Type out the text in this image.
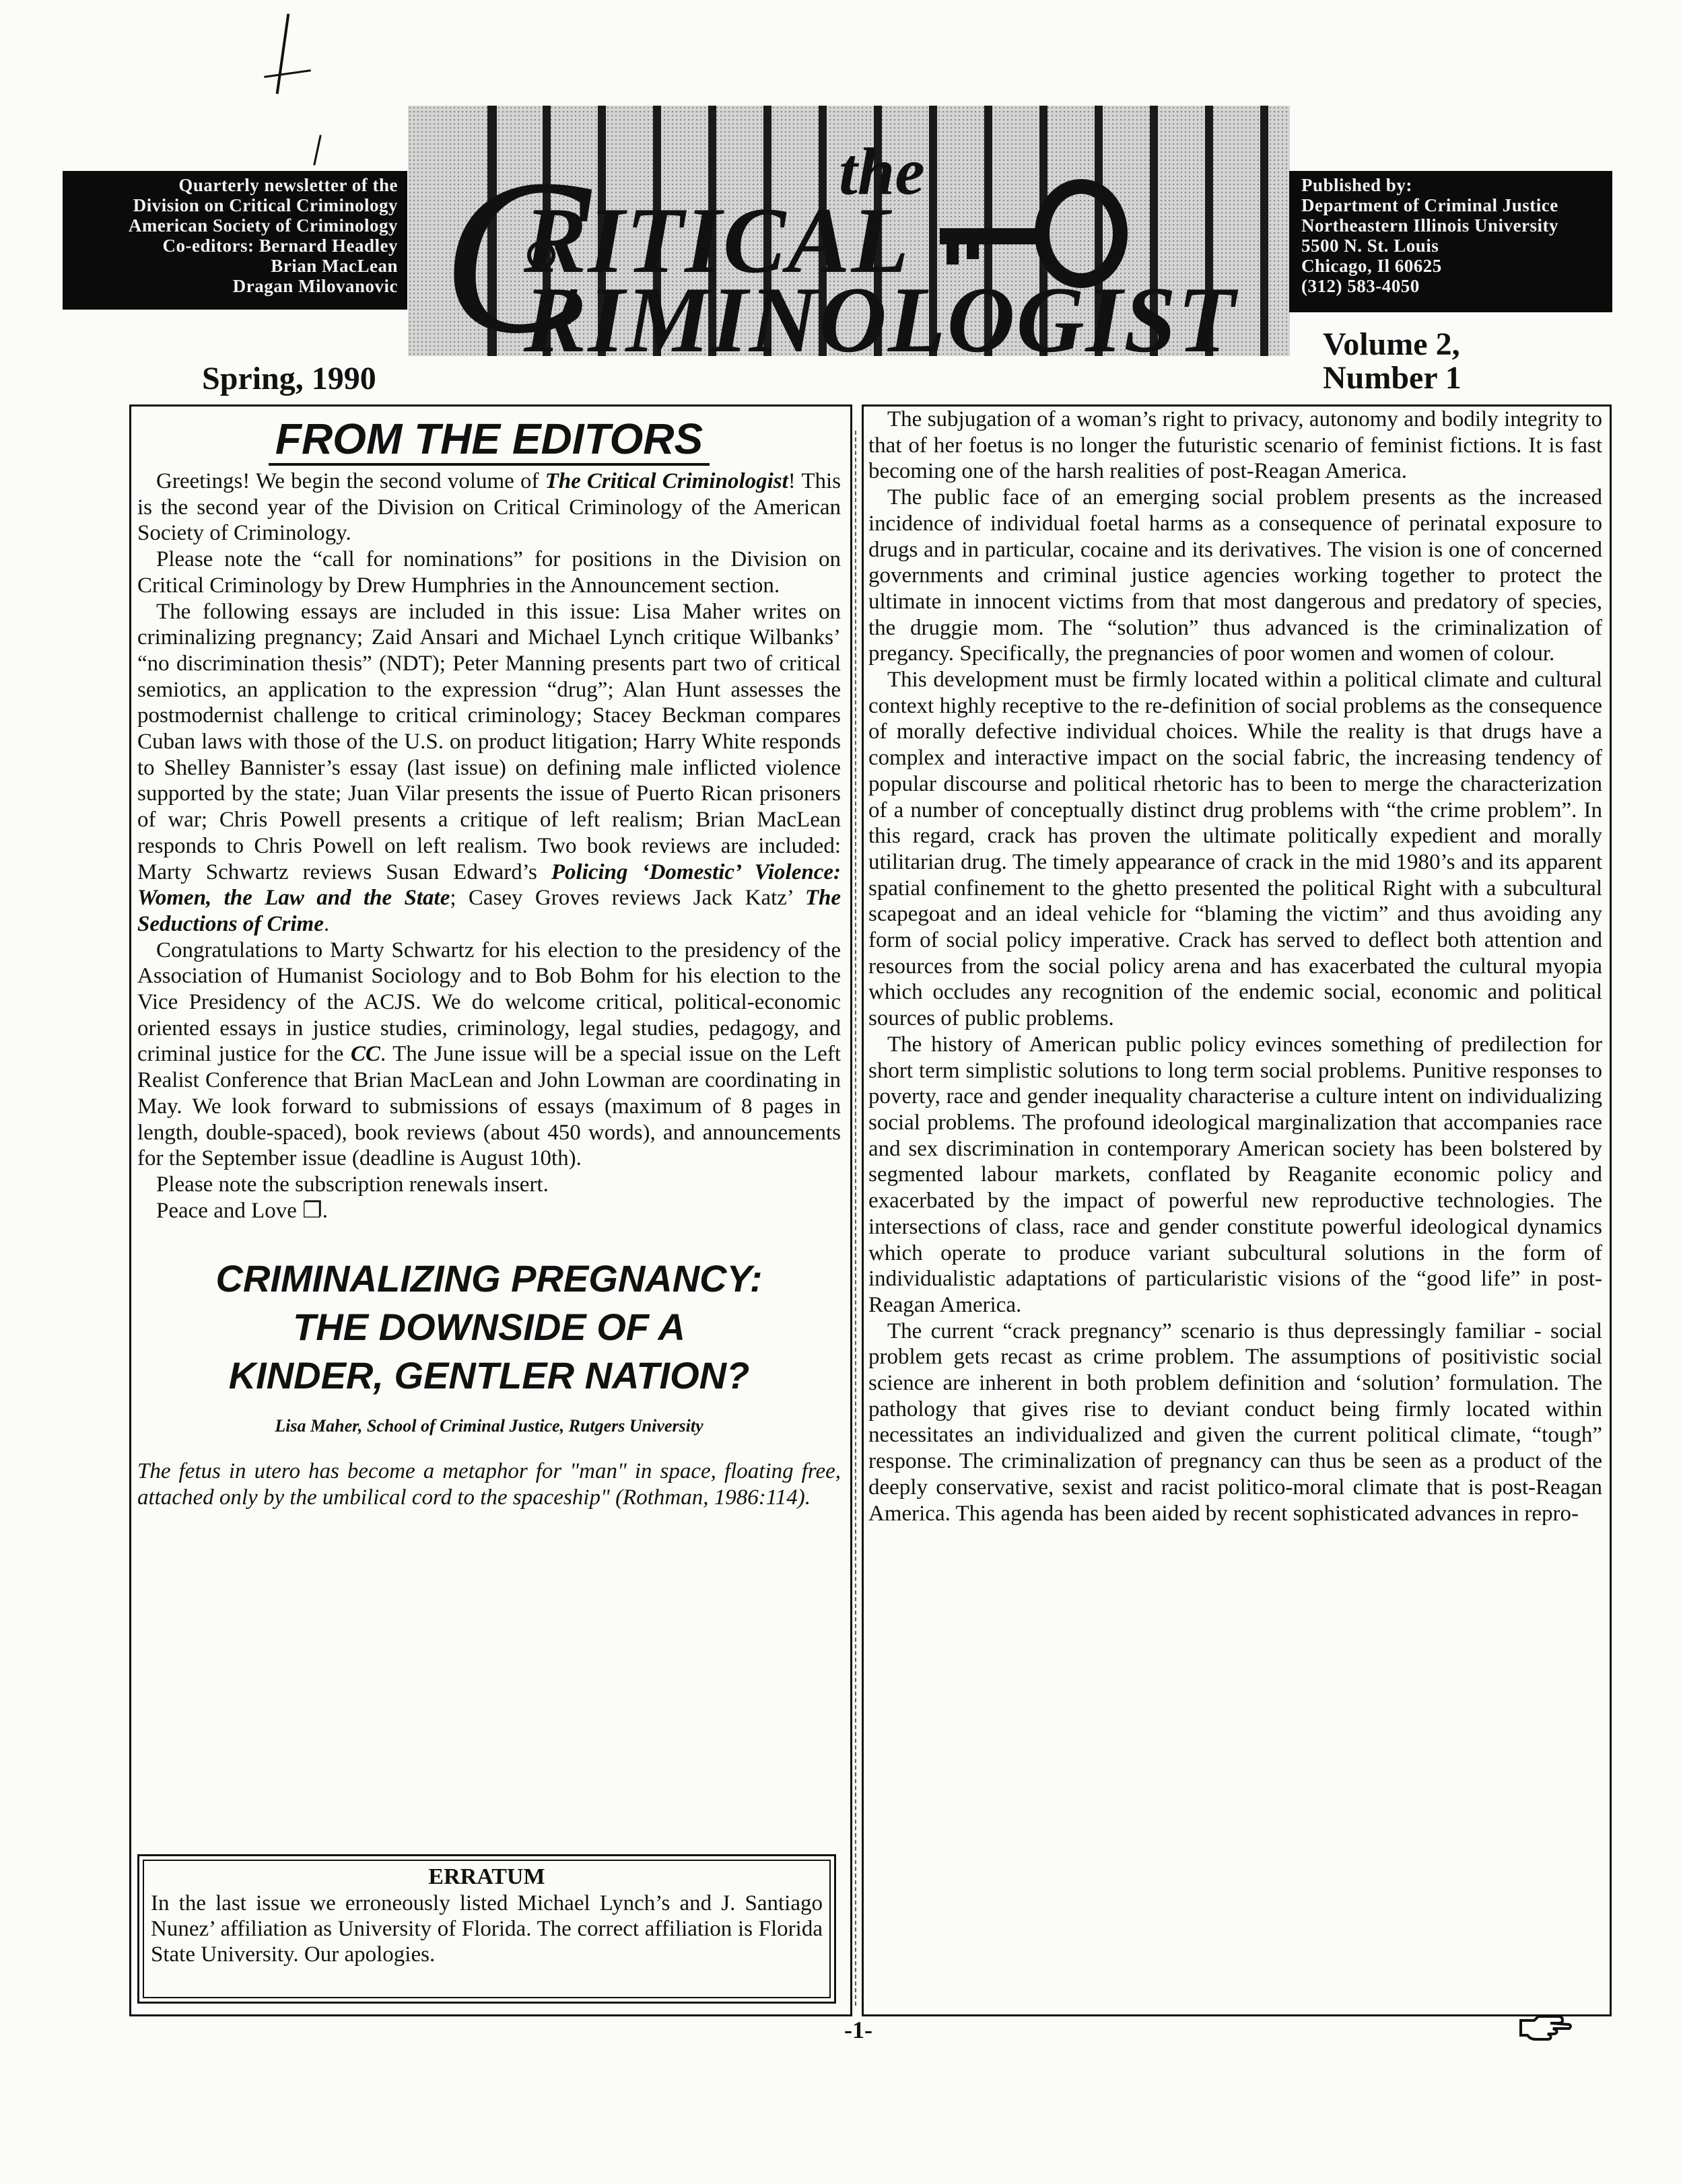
Quarterly newsletter of the
Division on Critical Criminology
American Society of Criminology
Co-editors: Bernard Headley
Brian MacLean
Dragan Milovanovic C	the
RITICAL
RIMINOLOGIST
Published by:
Department of Criminal Justice
Northeastern Illinois University
5500 N. St. Louis
Chicago, Il 60625
(312) 583-4050
Spring, 1990
Volume 2,
Number 1
FROM THE EDITORS

Greetings! We begin the second volume of The Critical Criminologist! This is the second year of the Division on Critical Criminology of the American Society of Criminology.

Please note the “call for nominations” for positions in the Division on Critical Criminology by Drew Humphries in the Announcement section.

The following essays are included in this issue: Lisa Maher writes on criminalizing pregnancy; Zaid Ansari and Michael Lynch critique Wilbanks’ “no discrimination thesis” (NDT); Peter Manning presents part two of critical semiotics, an application to the expression “drug”; Alan Hunt assesses the postmodernist challenge to critical criminology; Stacey Beckman compares Cuban laws with those of the U.S. on product litigation; Harry White responds to Shelley Bannister’s essay (last issue) on defining male inflicted violence supported by the state; Juan Vilar presents the issue of Puerto Rican prisoners of war; Chris Powell presents a critique of left realism; Brian MacLean responds to Chris Powell on left realism. Two book reviews are included: Marty Schwartz reviews Susan Edward’s Policing ‘Domestic’ Violence: Women, the Law and the State; Casey Groves reviews Jack Katz’ The Seductions of Crime.

Congratulations to Marty Schwartz for his election to the presidency of the Association of Humanist Sociology and to Bob Bohm for his election to the Vice Presidency of the ACJS. We do welcome critical, political-economic oriented essays in justice studies, criminology, legal studies, pedagogy, and criminal justice for the CC. The June issue will be a special issue on the Left Realist Conference that Brian MacLean and John Lowman are coordinating in May. We look forward to submissions of essays (maximum of 8 pages in length, double-spaced), book reviews (about 450 words), and announcements for the September issue (deadline is August 10th).

Please note the subscription renewals insert.

Peace and Love ❐.

CRIMINALIZING PREGNANCY:
THE DOWNSIDE OF A
KINDER, GENTLER NATION?
Lisa Maher, School of Criminal Justice, Rutgers University

The fetus in utero has become a metaphor for "man" in space, floating free, attached only by the umbilical cord to the spaceship" (Rothman, 1986:114).

ERRATUM
In the last issue we erroneously listed Michael Lynch’s and J. Santiago Nunez’ affiliation as University of Florida. The correct affiliation is Florida State University. Our apologies.

The subjugation of a woman’s right to privacy, autonomy and bodily integrity to that of her foetus is no longer the futuristic scenario of feminist fictions. It is fast becoming one of the harsh realities of post-Reagan America.

The public face of an emerging social problem presents as the increased incidence of individual foetal harms as a consequence of perinatal exposure to drugs and in particular, cocaine and its derivatives. The vision is one of concerned governments and criminal justice agencies working together to protect the ultimate in innocent victims from that most dangerous and predatory of species, the druggie mom. The “solution” thus advanced is the criminalization of pregancy. Specifically, the pregnancies of poor women and women of colour.

This development must be firmly located within a political climate and cultural context highly receptive to the re-definition of social problems as the consequence of morally defective individual choices. While the reality is that drugs have a complex and interactive impact on the social fabric, the increasing tendency of popular discourse and political rhetoric has to been to merge the characterization of a number of conceptually distinct drug problems with “the crime problem”. In this regard, crack has proven the ultimate politically expedient and morally utilitarian drug. The timely appearance of crack in the mid 1980’s and its apparent spatial confinement to the ghetto presented the political Right with a subcultural scapegoat and an ideal vehicle for “blaming the victim” and thus avoiding any form of social policy imperative. Crack has served to deflect both attention and resources from the social policy arena and has exacerbated the cultural myopia which occludes any recognition of the endemic social, economic and political sources of public problems.

The history of American public policy evinces something of predilection for short term simplistic solutions to long term social problems. Punitive responses to poverty, race and gender inequality characterise a culture intent on individualizing social problems. The profound ideological marginalization that accompanies race and sex discrimination in contemporary American society has been bolstered by segmented labour markets, conflated by Reaganite economic policy and exacerbated by the impact of powerful new reproductive technologies. The intersections of class, race and gender constitute powerful ideological dynamics which operate to produce variant subcultural solutions in the form of individualistic adaptations of particularistic visions of the “good life” in post-Reagan America.

The current “crack pregnancy” scenario is thus depressingly familiar - social problem gets recast as crime problem. The assumptions of positivistic social science are inherent in both problem definition and ‘solution’ formulation. The pathology that gives rise to deviant conduct being firmly located within necessitates an individualized and given the current political climate, “tough” response. The criminalization of pregnancy can thus be seen as a product of the deeply conservative, sexist and racist politico-moral climate that is post-Reagan America. This agenda has been aided by recent sophisticated advances in repro-

-1-
